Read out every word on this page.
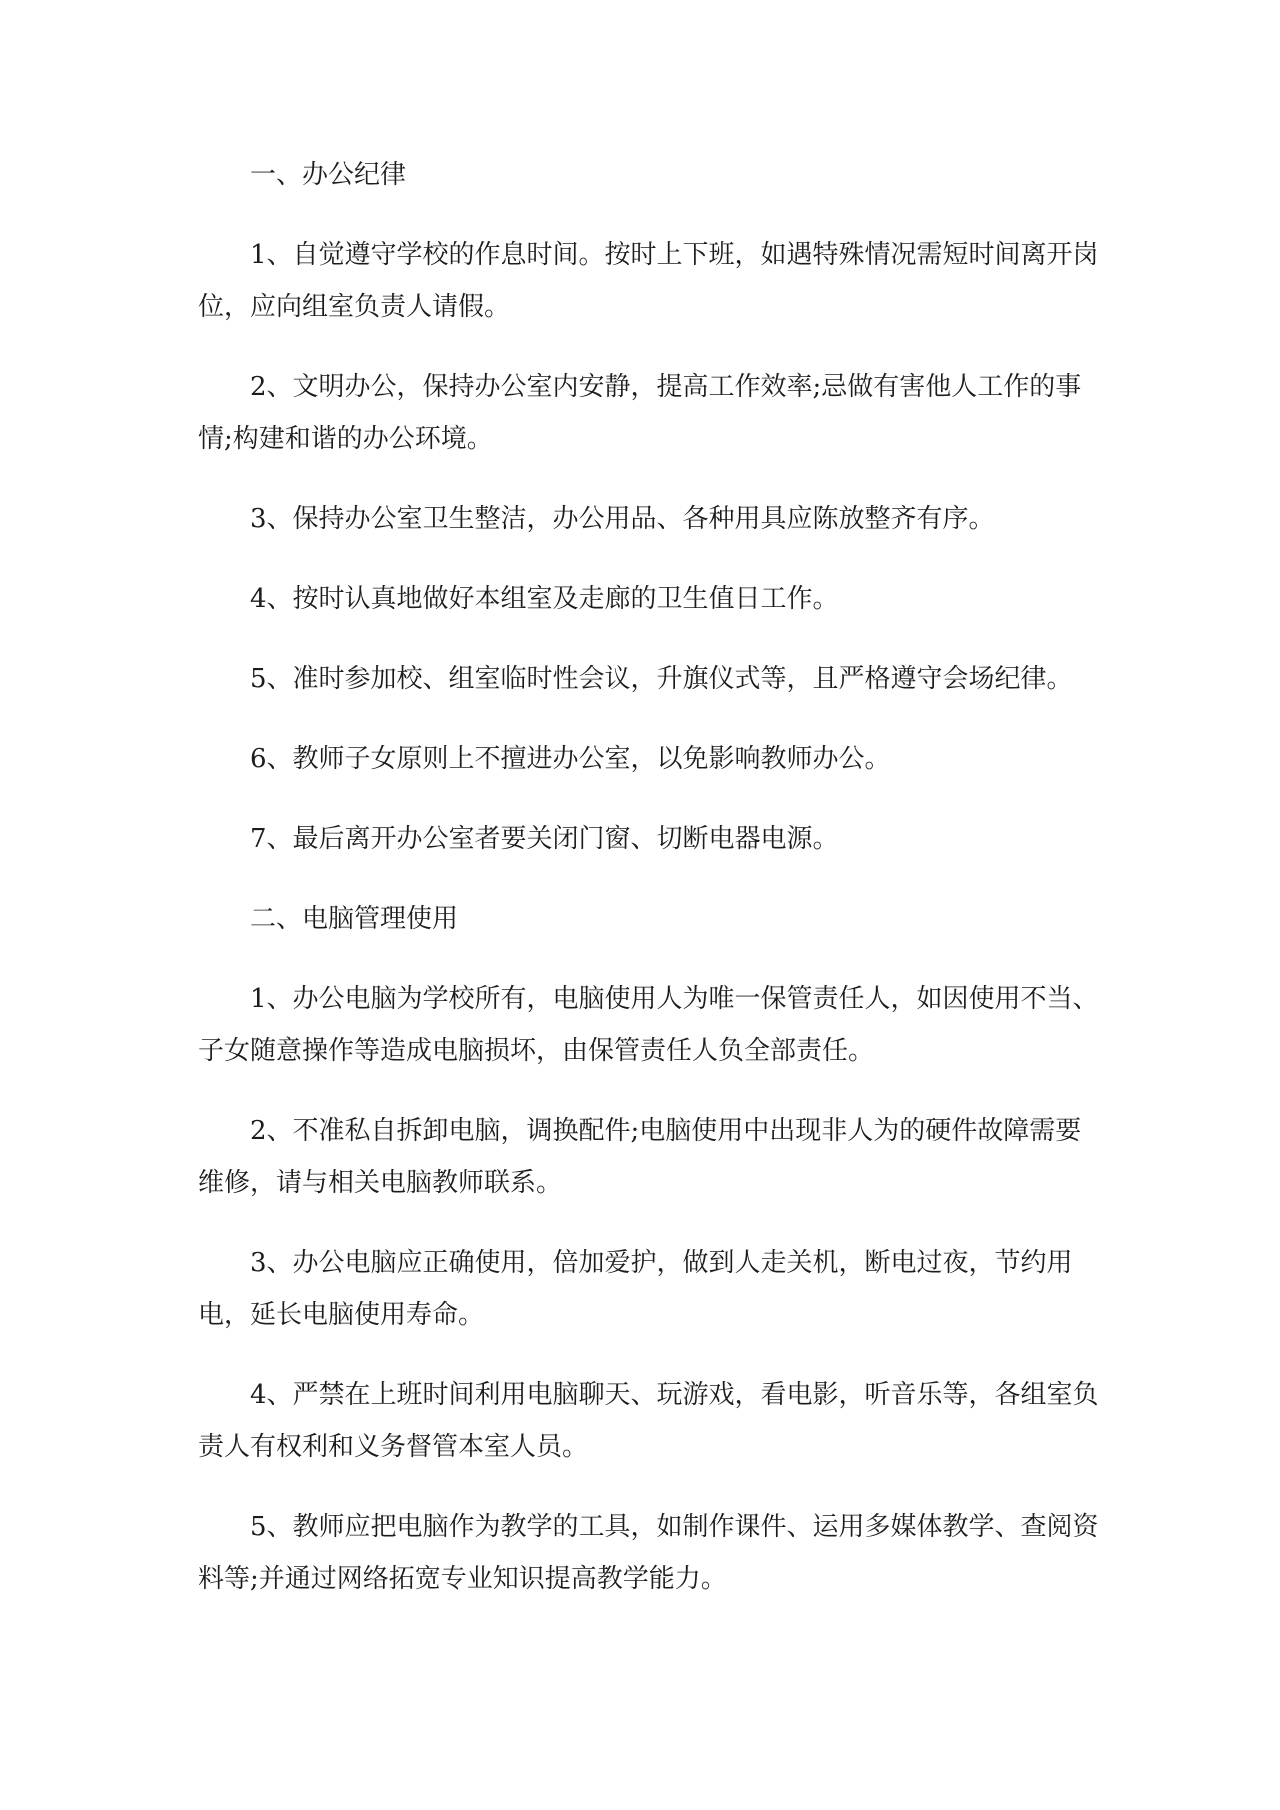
一、办公纪律

1、自觉遵守学校的作息时间。按时上下班，如遇特殊情况需短时间离开岗
位，应向组室负责人请假。

2、文明办公，保持办公室内安静，提高工作效率;忌做有害他人工作的事
情;构建和谐的办公环境。

3、保持办公室卫生整洁，办公用品、各种用具应陈放整齐有序。

4、按时认真地做好本组室及走廊的卫生值日工作。

5、准时参加校、组室临时性会议，升旗仪式等，且严格遵守会场纪律。

6、教师子女原则上不擅进办公室，以免影响教师办公。

7、最后离开办公室者要关闭门窗、切断电器电源。

二、电脑管理使用

1、办公电脑为学校所有，电脑使用人为唯一保管责任人，如因使用不当、
子女随意操作等造成电脑损坏，由保管责任人负全部责任。

2、不准私自拆卸电脑，调换配件;电脑使用中出现非人为的硬件故障需要
维修，请与相关电脑教师联系。

3、办公电脑应正确使用，倍加爱护，做到人走关机，断电过夜，节约用
电，延长电脑使用寿命。

4、严禁在上班时间利用电脑聊天、玩游戏，看电影，听音乐等，各组室负
责人有权利和义务督管本室人员。

5、教师应把电脑作为教学的工具，如制作课件、运用多媒体教学、查阅资
料等;并通过网络拓宽专业知识提高教学能力。
